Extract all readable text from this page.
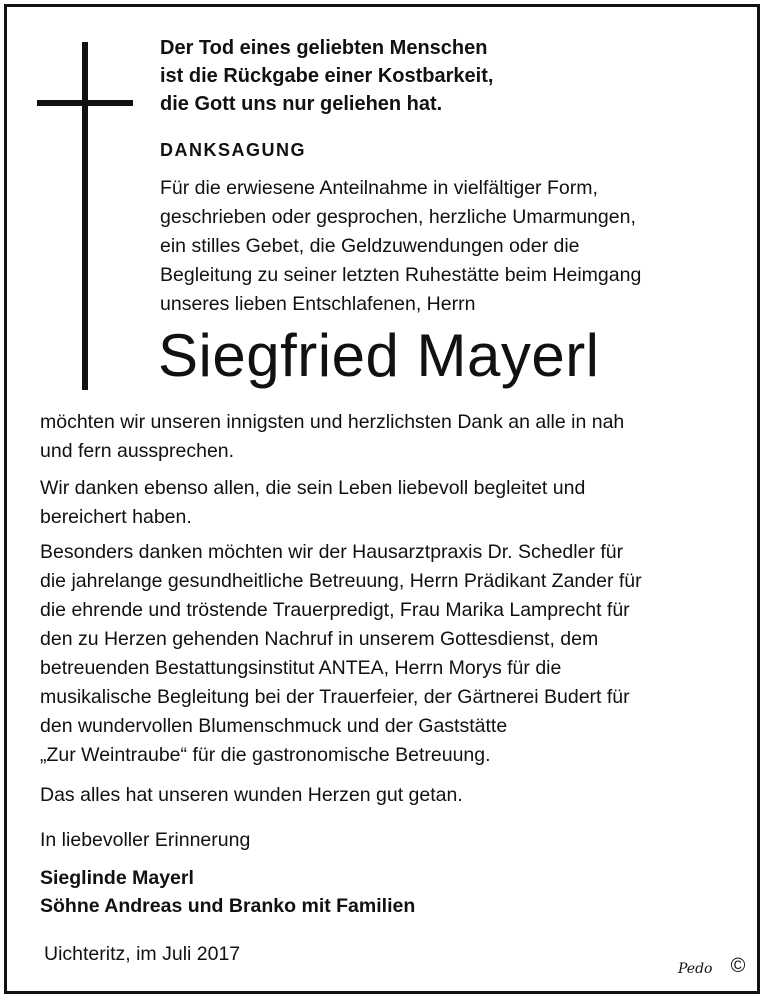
Der Tod eines geliebten Menschen
ist die Rückgabe einer Kostbarkeit,
die Gott uns nur geliehen hat.
DANKSAGUNG
Für die erwiesene Anteilnahme in vielfältiger Form,
geschrieben oder gesprochen, herzliche Umarmungen,
ein stilles Gebet, die Geldzuwendungen oder die
Begleitung zu seiner letzten Ruhestätte beim Heimgang
unseres lieben Entschlafenen, Herrn
Siegfried Mayerl
möchten wir unseren innigsten und herzlichsten Dank an alle in nah
und fern aussprechen.
Wir danken ebenso allen, die sein Leben liebevoll begleitet und
bereichert haben.
Besonders danken möchten wir der Hausarztpraxis Dr. Schedler für
die jahrelange gesundheitliche Betreuung, Herrn Prädikant Zander für
die ehrende und tröstende Trauerpredigt, Frau Marika Lamprecht für
den zu Herzen gehenden Nachruf in unserem Gottesdienst, dem
betreuenden Bestattungsinstitut ANTEA, Herrn Morys für die
musikalische Begleitung bei der Trauerfeier, der Gärtnerei Budert für
den wundervollen Blumenschmuck und der Gaststätte
„Zur Weintraube“ für die gastronomische Betreuung.
Das alles hat unseren wunden Herzen gut getan.
In liebevoller Erinnerung
Sieglinde Mayerl
Söhne Andreas und Branko mit Familien
Uichteritz, im Juli 2017
Pedo ©
